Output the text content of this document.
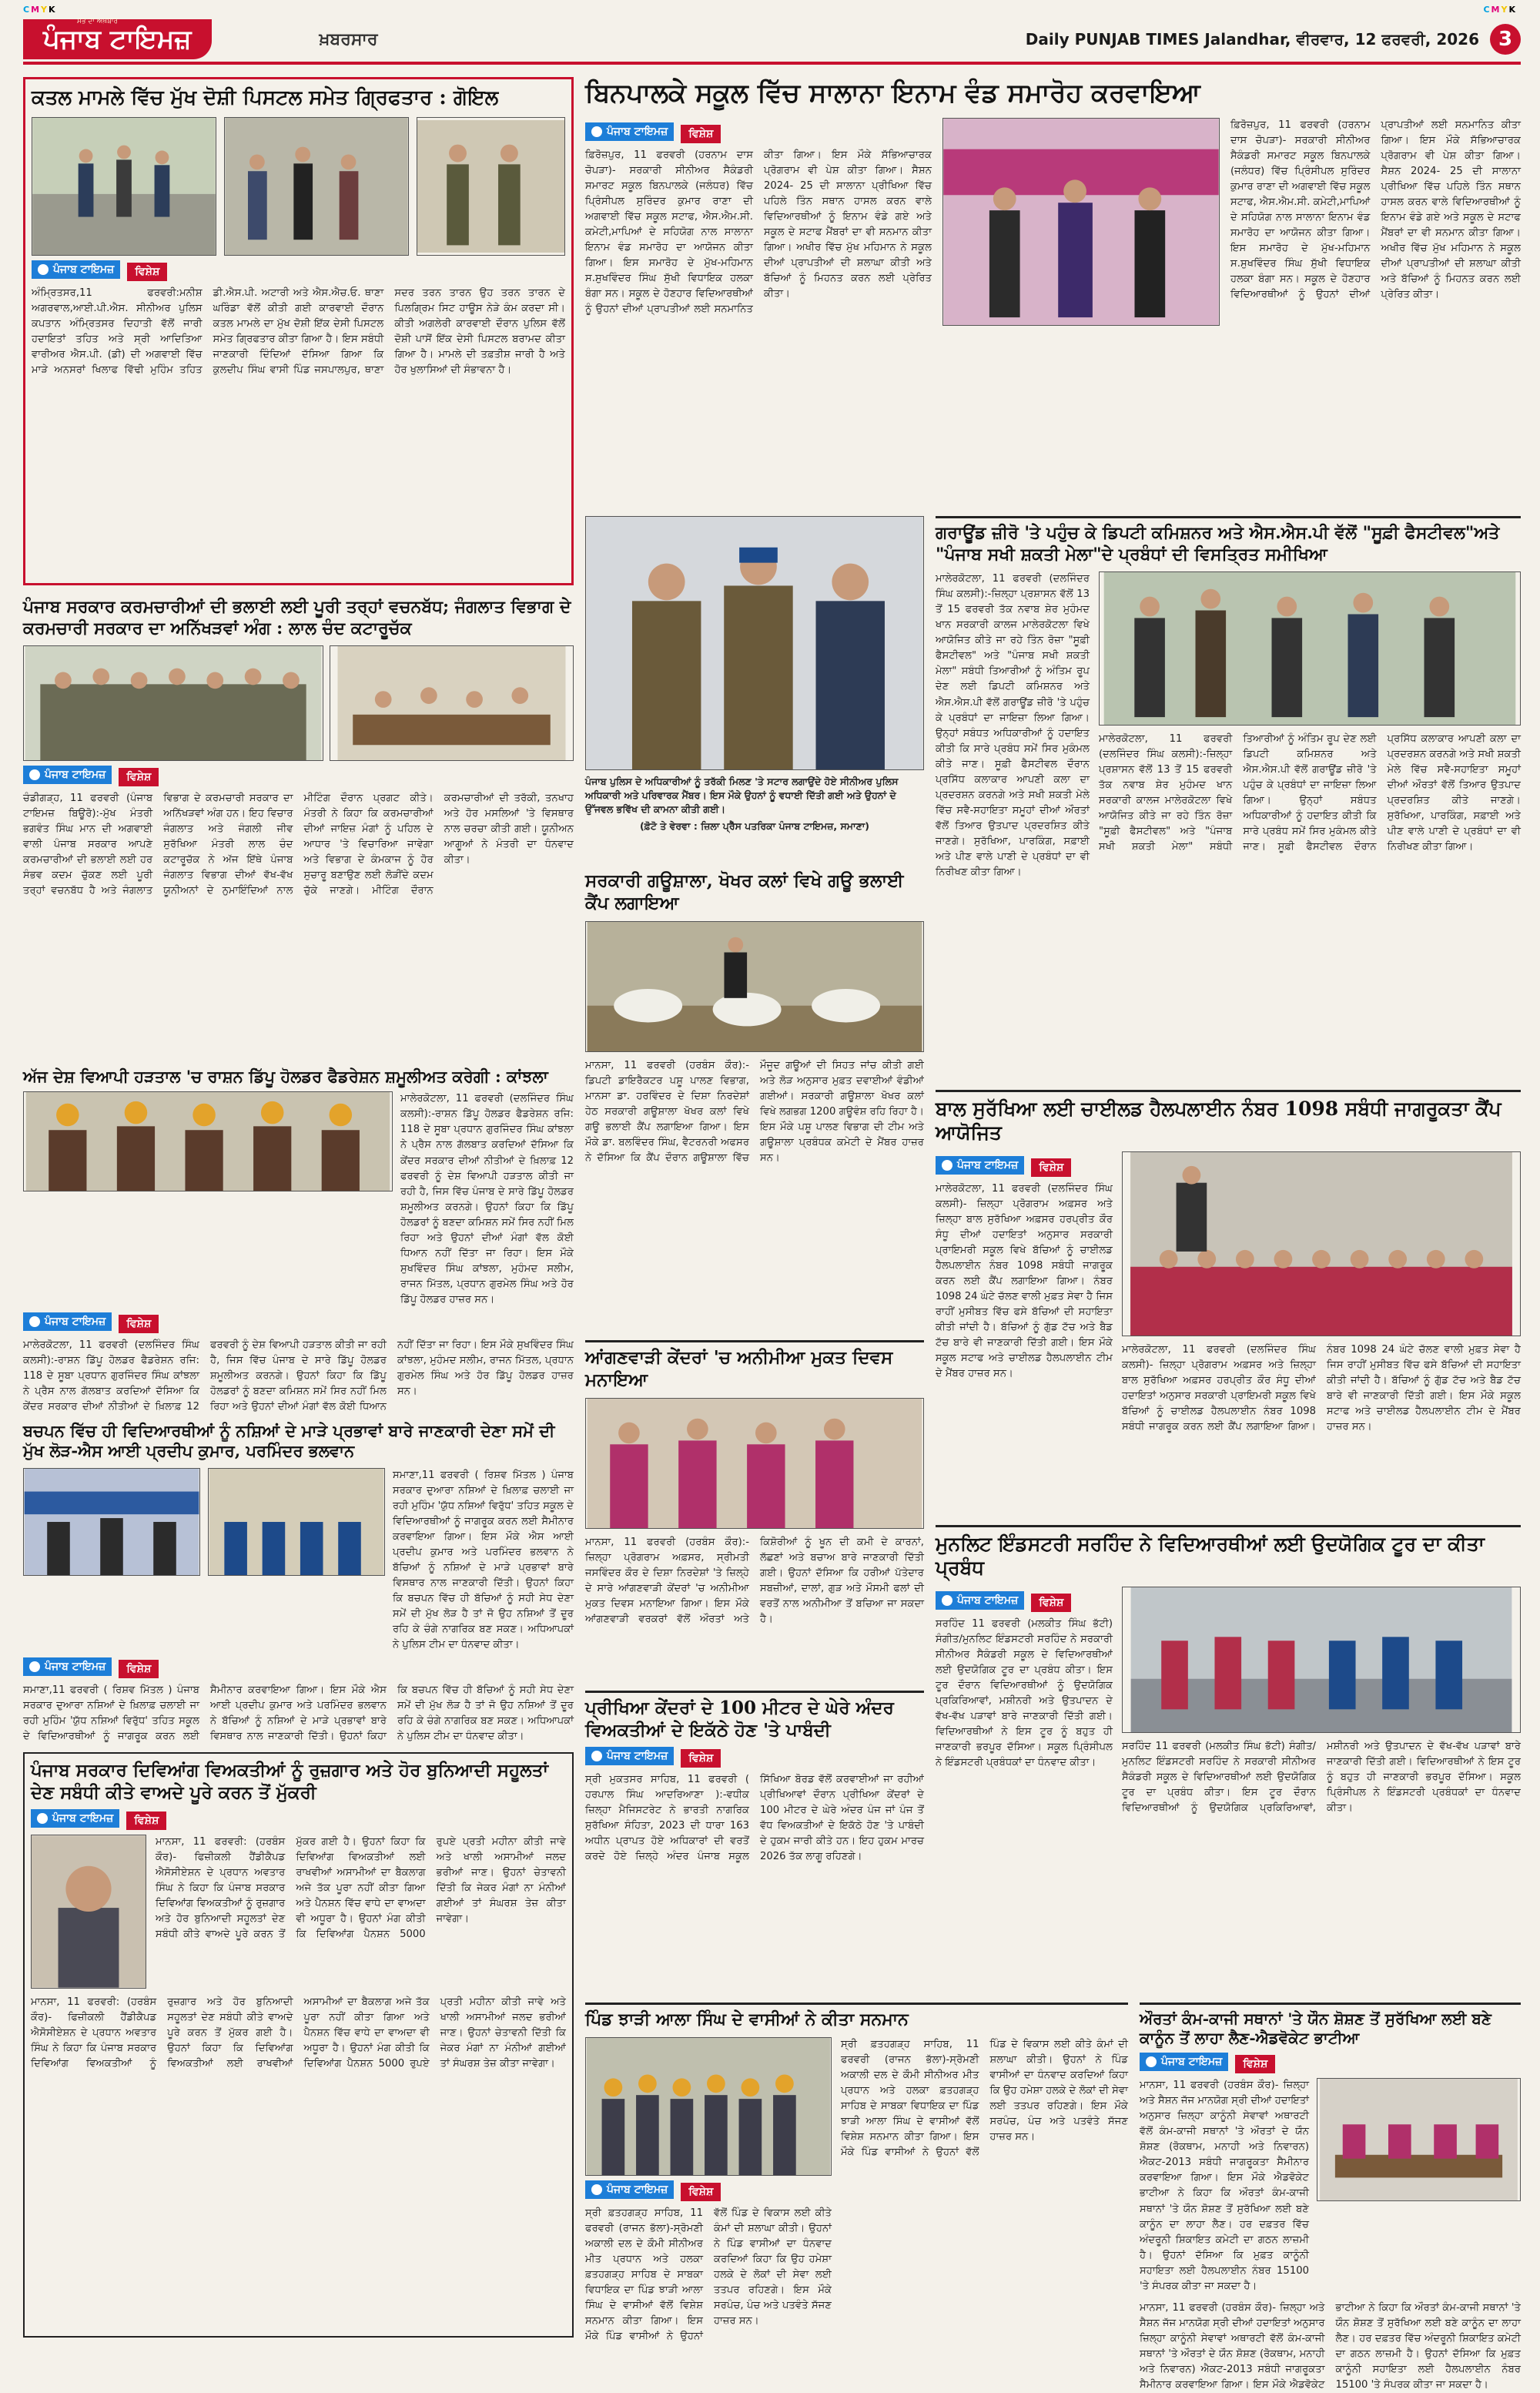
CMYK	CMYK
ਸਭ ਦਾ ਅਖ਼ਬਾਰ
ਪੰਜਾਬ ਟਾਇਮਜ਼	ਖ਼ਬਰਸਾਰ	Daily PUNJAB TIMES Jalandhar,
ਵੀਰਵਾਰ, 12 ਫਰਵਰੀ, 2026 3
ਕਤਲ ਮਾਮਲੇ ਵਿੱਚ ਮੁੱਖ ਦੋਸ਼ੀ ਪਿਸਟਲ ਸਮੇਤ ਗ੍ਰਿਫਤਾਰ : ਗੋਇਲ
ਪੰਜਾਬ ਟਾਇਮਜ਼ ਵਿਸ਼ੇਸ਼
ਅੰਮ੍ਰਿਤਸਰ,11 ਫਰਵਰੀ:ਮਨੀਸ਼ ਅਗਰਵਾਲ,ਆਈ.ਪੀ.ਐਸ. ਸੀਨੀਅਰ ਪੁਲਿਸ ਕਪਤਾਨ ਅੰਮ੍ਰਿਤਸਰ ਦਿਹਾਤੀ ਵੱਲੋਂ ਜਾਰੀ ਹਦਾਇਤਾਂ ਤਹਿਤ ਅਤੇ ਸ੍ਰੀ ਆਦਿਤਿਆ ਵਾਰੀਅਰ ਐਸ.ਪੀ. (ਡੀ) ਦੀ ਅਗਵਾਈ ਵਿੱਚ ਮਾੜੇ ਅਨਸਰਾਂ ਖਿਲਾਫ ਵਿੱਢੀ ਮੁਹਿੰਮ ਤਹਿਤ ਡੀ.ਐਸ.ਪੀ. ਅਟਾਰੀ ਅਤੇ ਐਸ.ਐਚ.ਓ. ਥਾਣਾ ਘਰਿੰਡਾ ਵੱਲੋਂ ਕੀਤੀ ਗਈ ਕਾਰਵਾਈ ਦੌਰਾਨ ਕਤਲ ਮਾਮਲੇ ਦਾ ਮੁੱਖ ਦੋਸ਼ੀ ਇੱਕ ਦੇਸੀ ਪਿਸਟਲ ਸਮੇਤ ਗ੍ਰਿਫਤਾਰ ਕੀਤਾ ਗਿਆ ਹੈ। ਇਸ ਸਬੰਧੀ ਜਾਣਕਾਰੀ ਦਿੰਦਿਆਂ ਦੱਸਿਆ ਗਿਆ ਕਿ ਕੁਲਦੀਪ ਸਿੰਘ ਵਾਸੀ ਪਿੰਡ ਜਸਪਾਲਪੁਰ, ਥਾਣਾ ਸਦਰ ਤਰਨ ਤਾਰਨ ਉਹ ਤਰਨ ਤਾਰਨ ਦੇ ਪਿਲਗ੍ਰਿਮ ਸਿਟ ਹਾਊਸ ਨੇੜੇ ਕੰਮ ਕਰਦਾ ਸੀ। ਕੀਤੀ ਅਗਲੇਰੀ ਕਾਰਵਾਈ ਦੌਰਾਨ ਪੁਲਿਸ ਵੱਲੋਂ ਦੋਸ਼ੀ ਪਾਸੋਂ ਇੱਕ ਦੇਸੀ ਪਿਸਟਲ ਬਰਾਮਦ ਕੀਤਾ ਗਿਆ ਹੈ। ਮਾਮਲੇ ਦੀ ਤਫ਼ਤੀਸ਼ ਜਾਰੀ ਹੈ ਅਤੇ ਹੋਰ ਖੁਲਾਸਿਆਂ ਦੀ ਸੰਭਾਵਨਾ ਹੈ।
ਬਿਨਪਾਲਕੇ ਸਕੂਲ ਵਿੱਚ ਸਾਲਾਨਾ ਇਨਾਮ ਵੰਡ ਸਮਾਰੋਹ ਕਰਵਾਇਆ
ਪੰਜਾਬ ਟਾਇਮਜ਼ ਵਿਸ਼ੇਸ਼
ਫ਼ਿਰੋਜ਼ਪੁਰ, 11 ਫਰਵਰੀ (ਹਰਨਾਮ ਦਾਸ ਚੋਪੜਾ)- ਸਰਕਾਰੀ ਸੀਨੀਅਰ ਸੈਕੰਡਰੀ ਸਮਾਰਟ ਸਕੂਲ ਬਿਨਪਾਲਕੇ (ਜਲੰਧਰ) ਵਿੱਚ ਪ੍ਰਿੰਸੀਪਲ ਸੁਰਿੰਦਰ ਕੁਮਾਰ ਰਾਣਾ ਦੀ ਅਗਵਾਈ ਵਿੱਚ ਸਕੂਲ ਸਟਾਫ, ਐਸ.ਐਮ.ਸੀ. ਕਮੇਟੀ,ਮਾਪਿਆਂ ਦੇ ਸਹਿਯੋਗ ਨਾਲ ਸਾਲਾਨਾ ਇਨਾਮ ਵੰਡ ਸਮਾਰੋਹ ਦਾ ਆਯੋਜਨ ਕੀਤਾ ਗਿਆ। ਇਸ ਸਮਾਰੋਹ ਦੇ ਮੁੱਖ-ਮਹਿਮਾਨ ਸ.ਸੁਖਵਿੰਦਰ ਸਿੰਘ ਸੁੱਖੀ ਵਿਧਾਇਕ ਹਲਕਾ ਬੰਗਾ ਸਨ। ਸਕੂਲ ਦੇ ਹੋਣਹਾਰ ਵਿਦਿਆਰਥੀਆਂ ਨੂੰ ਉਹਨਾਂ ਦੀਆਂ ਪ੍ਰਾਪਤੀਆਂ ਲਈ ਸਨਮਾਨਿਤ ਕੀਤਾ ਗਿਆ। ਇਸ ਮੌਕੇ ਸੱਭਿਆਚਾਰਕ ਪ੍ਰੋਗਰਾਮ ਵੀ ਪੇਸ਼ ਕੀਤਾ ਗਿਆ। ਸੈਸ਼ਨ 2024- 25 ਦੀ ਸਾਲਾਨਾ ਪ੍ਰੀਖਿਆ ਵਿੱਚ ਪਹਿਲੇ ਤਿੰਨ ਸਥਾਨ ਹਾਸਲ ਕਰਨ ਵਾਲੇ ਵਿਦਿਆਰਥੀਆਂ ਨੂੰ ਇਨਾਮ ਵੰਡੇ ਗਏ ਅਤੇ ਸਕੂਲ ਦੇ ਸਟਾਫ ਮੈਂਬਰਾਂ ਦਾ ਵੀ ਸਨਮਾਨ ਕੀਤਾ ਗਿਆ। ਅਖੀਰ ਵਿੱਚ ਮੁੱਖ ਮਹਿਮਾਨ ਨੇ ਸਕੂਲ ਦੀਆਂ ਪ੍ਰਾਪਤੀਆਂ ਦੀ ਸ਼ਲਾਘਾ ਕੀਤੀ ਅਤੇ ਬੱਚਿਆਂ ਨੂੰ ਮਿਹਨਤ ਕਰਨ ਲਈ ਪ੍ਰੇਰਿਤ ਕੀਤਾ।
ਫ਼ਿਰੋਜ਼ਪੁਰ, 11 ਫਰਵਰੀ (ਹਰਨਾਮ ਦਾਸ ਚੋਪੜਾ)- ਸਰਕਾਰੀ ਸੀਨੀਅਰ ਸੈਕੰਡਰੀ ਸਮਾਰਟ ਸਕੂਲ ਬਿਨਪਾਲਕੇ (ਜਲੰਧਰ) ਵਿੱਚ ਪ੍ਰਿੰਸੀਪਲ ਸੁਰਿੰਦਰ ਕੁਮਾਰ ਰਾਣਾ ਦੀ ਅਗਵਾਈ ਵਿੱਚ ਸਕੂਲ ਸਟਾਫ, ਐਸ.ਐਮ.ਸੀ. ਕਮੇਟੀ,ਮਾਪਿਆਂ ਦੇ ਸਹਿਯੋਗ ਨਾਲ ਸਾਲਾਨਾ ਇਨਾਮ ਵੰਡ ਸਮਾਰੋਹ ਦਾ ਆਯੋਜਨ ਕੀਤਾ ਗਿਆ। ਇਸ ਸਮਾਰੋਹ ਦੇ ਮੁੱਖ-ਮਹਿਮਾਨ ਸ.ਸੁਖਵਿੰਦਰ ਸਿੰਘ ਸੁੱਖੀ ਵਿਧਾਇਕ ਹਲਕਾ ਬੰਗਾ ਸਨ। ਸਕੂਲ ਦੇ ਹੋਣਹਾਰ ਵਿਦਿਆਰਥੀਆਂ ਨੂੰ ਉਹਨਾਂ ਦੀਆਂ ਪ੍ਰਾਪਤੀਆਂ ਲਈ ਸਨਮਾਨਿਤ ਕੀਤਾ ਗਿਆ। ਇਸ ਮੌਕੇ ਸੱਭਿਆਚਾਰਕ ਪ੍ਰੋਗਰਾਮ ਵੀ ਪੇਸ਼ ਕੀਤਾ ਗਿਆ। ਸੈਸ਼ਨ 2024- 25 ਦੀ ਸਾਲਾਨਾ ਪ੍ਰੀਖਿਆ ਵਿੱਚ ਪਹਿਲੇ ਤਿੰਨ ਸਥਾਨ ਹਾਸਲ ਕਰਨ ਵਾਲੇ ਵਿਦਿਆਰਥੀਆਂ ਨੂੰ ਇਨਾਮ ਵੰਡੇ ਗਏ ਅਤੇ ਸਕੂਲ ਦੇ ਸਟਾਫ ਮੈਂਬਰਾਂ ਦਾ ਵੀ ਸਨਮਾਨ ਕੀਤਾ ਗਿਆ। ਅਖੀਰ ਵਿੱਚ ਮੁੱਖ ਮਹਿਮਾਨ ਨੇ ਸਕੂਲ ਦੀਆਂ ਪ੍ਰਾਪਤੀਆਂ ਦੀ ਸ਼ਲਾਘਾ ਕੀਤੀ ਅਤੇ ਬੱਚਿਆਂ ਨੂੰ ਮਿਹਨਤ ਕਰਨ ਲਈ ਪ੍ਰੇਰਿਤ ਕੀਤਾ।
ਪੰਜਾਬ ਪੁਲਿਸ ਦੇ ਅਧਿਕਾਰੀਆਂ ਨੂੰ ਤਰੱਕੀ ਮਿਲਣ 'ਤੇ ਸਟਾਰ ਲਗਾਉਂਦੇ ਹੋਏ ਸੀਨੀਅਰ ਪੁਲਿਸ ਅਧਿਕਾਰੀ ਅਤੇ ਪਰਿਵਾਰਕ ਮੈਂਬਰ। ਇਸ ਮੌਕੇ ਉਹਨਾਂ ਨੂੰ ਵਧਾਈ ਦਿੱਤੀ ਗਈ ਅਤੇ ਉਹਨਾਂ ਦੇ ਉੱਜਵਲ ਭਵਿੱਖ ਦੀ ਕਾਮਨਾ ਕੀਤੀ ਗਈ।
(ਫ਼ੋਟੋ ਤੇ ਵੇਰਵਾ : ਜ਼ਿਲਾ ਪ੍ਰੈੱਸ ਪਤਰਿਕਾ ਪੰਜਾਬ ਟਾਇਮਜ਼, ਸਮਾਣਾ)
ਗਰਾਊਂਡ ਜ਼ੀਰੋ 'ਤੇ ਪਹੁੰਚ ਕੇ ਡਿਪਟੀ ਕਮਿਸ਼ਨਰ ਅਤੇ ਐਸ.ਐਸ.ਪੀ ਵੱਲੋਂ "ਸੂਫ਼ੀ ਫੈਸਟੀਵਲ"ਅਤੇ "ਪੰਜਾਬ ਸਖੀ ਸ਼ਕਤੀ ਮੇਲਾ"ਦੇ ਪ੍ਰਬੰਧਾਂ ਦੀ ਵਿਸਤ੍ਰਿਤ ਸਮੀਖਿਆ
ਮਾਲੇਰਕੋਟਲਾ, 11 ਫਰਵਰੀ (ਦਲਜਿੰਦਰ ਸਿੰਘ ਕਲਸੀ):-ਜ਼ਿਲ੍ਹਾ ਪ੍ਰਸ਼ਾਸਨ ਵੱਲੋਂ 13 ਤੋਂ 15 ਫਰਵਰੀ ਤੱਕ ਨਵਾਬ ਸ਼ੇਰ ਮੁਹੰਮਦ ਖਾਨ ਸਰਕਾਰੀ ਕਾਲਜ ਮਾਲੇਰਕੋਟਲਾ ਵਿਖੇ ਆਯੋਜਿਤ ਕੀਤੇ ਜਾ ਰਹੇ ਤਿੰਨ ਰੋਜ਼ਾ "ਸੂਫ਼ੀ ਫੈਸਟੀਵਲ" ਅਤੇ "ਪੰਜਾਬ ਸਖੀ ਸ਼ਕਤੀ ਮੇਲਾ" ਸਬੰਧੀ ਤਿਆਰੀਆਂ ਨੂੰ ਅੰਤਿਮ ਰੂਪ ਦੇਣ ਲਈ ਡਿਪਟੀ ਕਮਿਸ਼ਨਰ ਅਤੇ ਐਸ.ਐਸ.ਪੀ ਵੱਲੋਂ ਗਰਾਊਂਡ ਜ਼ੀਰੋ 'ਤੇ ਪਹੁੰਚ ਕੇ ਪ੍ਰਬੰਧਾਂ ਦਾ ਜਾਇਜ਼ਾ ਲਿਆ ਗਿਆ। ਉਨ੍ਹਾਂ ਸਬੰਧਤ ਅਧਿਕਾਰੀਆਂ ਨੂੰ ਹਦਾਇਤ ਕੀਤੀ ਕਿ ਸਾਰੇ ਪ੍ਰਬੰਧ ਸਮੇਂ ਸਿਰ ਮੁਕੰਮਲ ਕੀਤੇ ਜਾਣ। ਸੂਫ਼ੀ ਫੈਸਟੀਵਲ ਦੌਰਾਨ ਪ੍ਰਸਿੱਧ ਕਲਾਕਾਰ ਆਪਣੀ ਕਲਾ ਦਾ ਪ੍ਰਦਰਸ਼ਨ ਕਰਨਗੇ ਅਤੇ ਸਖੀ ਸ਼ਕਤੀ ਮੇਲੇ ਵਿੱਚ ਸਵੈ-ਸਹਾਇਤਾ ਸਮੂਹਾਂ ਦੀਆਂ ਔਰਤਾਂ ਵੱਲੋਂ ਤਿਆਰ ਉਤਪਾਦ ਪ੍ਰਦਰਸ਼ਿਤ ਕੀਤੇ ਜਾਣਗੇ। ਸੁਰੱਖਿਆ, ਪਾਰਕਿੰਗ, ਸਫ਼ਾਈ ਅਤੇ ਪੀਣ ਵਾਲੇ ਪਾਣੀ ਦੇ ਪ੍ਰਬੰਧਾਂ ਦਾ ਵੀ ਨਿਰੀਖਣ ਕੀਤਾ ਗਿਆ।
ਮਾਲੇਰਕੋਟਲਾ, 11 ਫਰਵਰੀ (ਦਲਜਿੰਦਰ ਸਿੰਘ ਕਲਸੀ):-ਜ਼ਿਲ੍ਹਾ ਪ੍ਰਸ਼ਾਸਨ ਵੱਲੋਂ 13 ਤੋਂ 15 ਫਰਵਰੀ ਤੱਕ ਨਵਾਬ ਸ਼ੇਰ ਮੁਹੰਮਦ ਖਾਨ ਸਰਕਾਰੀ ਕਾਲਜ ਮਾਲੇਰਕੋਟਲਾ ਵਿਖੇ ਆਯੋਜਿਤ ਕੀਤੇ ਜਾ ਰਹੇ ਤਿੰਨ ਰੋਜ਼ਾ "ਸੂਫ਼ੀ ਫੈਸਟੀਵਲ" ਅਤੇ "ਪੰਜਾਬ ਸਖੀ ਸ਼ਕਤੀ ਮੇਲਾ" ਸਬੰਧੀ ਤਿਆਰੀਆਂ ਨੂੰ ਅੰਤਿਮ ਰੂਪ ਦੇਣ ਲਈ ਡਿਪਟੀ ਕਮਿਸ਼ਨਰ ਅਤੇ ਐਸ.ਐਸ.ਪੀ ਵੱਲੋਂ ਗਰਾਊਂਡ ਜ਼ੀਰੋ 'ਤੇ ਪਹੁੰਚ ਕੇ ਪ੍ਰਬੰਧਾਂ ਦਾ ਜਾਇਜ਼ਾ ਲਿਆ ਗਿਆ। ਉਨ੍ਹਾਂ ਸਬੰਧਤ ਅਧਿਕਾਰੀਆਂ ਨੂੰ ਹਦਾਇਤ ਕੀਤੀ ਕਿ ਸਾਰੇ ਪ੍ਰਬੰਧ ਸਮੇਂ ਸਿਰ ਮੁਕੰਮਲ ਕੀਤੇ ਜਾਣ। ਸੂਫ਼ੀ ਫੈਸਟੀਵਲ ਦੌਰਾਨ ਪ੍ਰਸਿੱਧ ਕਲਾਕਾਰ ਆਪਣੀ ਕਲਾ ਦਾ ਪ੍ਰਦਰਸ਼ਨ ਕਰਨਗੇ ਅਤੇ ਸਖੀ ਸ਼ਕਤੀ ਮੇਲੇ ਵਿੱਚ ਸਵੈ-ਸਹਾਇਤਾ ਸਮੂਹਾਂ ਦੀਆਂ ਔਰਤਾਂ ਵੱਲੋਂ ਤਿਆਰ ਉਤਪਾਦ ਪ੍ਰਦਰਸ਼ਿਤ ਕੀਤੇ ਜਾਣਗੇ। ਸੁਰੱਖਿਆ, ਪਾਰਕਿੰਗ, ਸਫ਼ਾਈ ਅਤੇ ਪੀਣ ਵਾਲੇ ਪਾਣੀ ਦੇ ਪ੍ਰਬੰਧਾਂ ਦਾ ਵੀ ਨਿਰੀਖਣ ਕੀਤਾ ਗਿਆ।
ਪੰਜਾਬ ਸਰਕਾਰ ਕਰਮਚਾਰੀਆਂ ਦੀ ਭਲਾਈ ਲਈ ਪੂਰੀ ਤਰ੍ਹਾਂ ਵਚਨਬੱਧ; ਜੰਗਲਾਤ ਵਿਭਾਗ ਦੇ ਕਰਮਚਾਰੀ ਸਰਕਾਰ ਦਾ ਅਨਿੱਖੜਵਾਂ ਅੰਗ : ਲਾਲ ਚੰਦ ਕਟਾਰੂਚੱਕ
ਪੰਜਾਬ ਟਾਇਮਜ਼ ਵਿਸ਼ੇਸ਼
ਚੰਡੀਗੜ੍ਹ, 11 ਫਰਵਰੀ (ਪੰਜਾਬ ਟਾਇਮਜ਼ ਬਿਊਰੋ):-ਮੁੱਖ ਮੰਤਰੀ ਭਗਵੰਤ ਸਿੰਘ ਮਾਨ ਦੀ ਅਗਵਾਈ ਵਾਲੀ ਪੰਜਾਬ ਸਰਕਾਰ ਆਪਣੇ ਕਰਮਚਾਰੀਆਂ ਦੀ ਭਲਾਈ ਲਈ ਹਰ ਸੰਭਵ ਕਦਮ ਚੁੱਕਣ ਲਈ ਪੂਰੀ ਤਰ੍ਹਾਂ ਵਚਨਬੱਧ ਹੈ ਅਤੇ ਜੰਗਲਾਤ ਵਿਭਾਗ ਦੇ ਕਰਮਚਾਰੀ ਸਰਕਾਰ ਦਾ ਅਨਿੱਖੜਵਾਂ ਅੰਗ ਹਨ। ਇਹ ਵਿਚਾਰ ਜੰਗਲਾਤ ਅਤੇ ਜੰਗਲੀ ਜੀਵ ਸੁਰੱਖਿਆ ਮੰਤਰੀ ਲਾਲ ਚੰਦ ਕਟਾਰੂਚੱਕ ਨੇ ਅੱਜ ਇੱਥੇ ਪੰਜਾਬ ਜੰਗਲਾਤ ਵਿਭਾਗ ਦੀਆਂ ਵੱਖ-ਵੱਖ ਯੂਨੀਅਨਾਂ ਦੇ ਨੁਮਾਇੰਦਿਆਂ ਨਾਲ ਮੀਟਿੰਗ ਦੌਰਾਨ ਪ੍ਰਗਟ ਕੀਤੇ। ਮੰਤਰੀ ਨੇ ਕਿਹਾ ਕਿ ਕਰਮਚਾਰੀਆਂ ਦੀਆਂ ਜਾਇਜ਼ ਮੰਗਾਂ ਨੂੰ ਪਹਿਲ ਦੇ ਆਧਾਰ 'ਤੇ ਵਿਚਾਰਿਆ ਜਾਵੇਗਾ ਅਤੇ ਵਿਭਾਗ ਦੇ ਕੰਮਕਾਜ ਨੂੰ ਹੋਰ ਸੁਚਾਰੂ ਬਣਾਉਣ ਲਈ ਲੋੜੀਂਦੇ ਕਦਮ ਚੁੱਕੇ ਜਾਣਗੇ। ਮੀਟਿੰਗ ਦੌਰਾਨ ਕਰਮਚਾਰੀਆਂ ਦੀ ਤਰੱਕੀ, ਤਨਖਾਹ ਅਤੇ ਹੋਰ ਮਸਲਿਆਂ 'ਤੇ ਵਿਸਥਾਰ ਨਾਲ ਚਰਚਾ ਕੀਤੀ ਗਈ। ਯੂਨੀਅਨ ਆਗੂਆਂ ਨੇ ਮੰਤਰੀ ਦਾ ਧੰਨਵਾਦ ਕੀਤਾ।
ਅੱਜ ਦੇਸ਼ ਵਿਆਪੀ ਹੜਤਾਲ 'ਚ ਰਾਸ਼ਨ ਡਿੱਪੂ ਹੋਲਡਰ ਫੈਡਰੇਸ਼ਨ ਸ਼ਮੂਲੀਅਤ ਕਰੇਗੀ : ਕਾਂਝਲਾ
ਮਾਲੇਰਕੋਟਲਾ, 11 ਫਰਵਰੀ (ਦਲਜਿੰਦਰ ਸਿੰਘ ਕਲਸੀ):-ਰਾਸ਼ਨ ਡਿੱਪੂ ਹੋਲਡਰ ਫੈਡਰੇਸ਼ਨ ਰਜਿ: 118 ਦੇ ਸੂਬਾ ਪ੍ਰਧਾਨ ਗੁਰਜਿੰਦਰ ਸਿੰਘ ਕਾਂਝਲਾ ਨੇ ਪ੍ਰੈਸ ਨਾਲ ਗੱਲਬਾਤ ਕਰਦਿਆਂ ਦੱਸਿਆ ਕਿ ਕੇਂਦਰ ਸਰਕਾਰ ਦੀਆਂ ਨੀਤੀਆਂ ਦੇ ਖ਼ਿਲਾਫ਼ 12 ਫਰਵਰੀ ਨੂੰ ਦੇਸ਼ ਵਿਆਪੀ ਹੜਤਾਲ ਕੀਤੀ ਜਾ ਰਹੀ ਹੈ, ਜਿਸ ਵਿੱਚ ਪੰਜਾਬ ਦੇ ਸਾਰੇ ਡਿੱਪੂ ਹੋਲਡਰ ਸ਼ਮੂਲੀਅਤ ਕਰਨਗੇ। ਉਹਨਾਂ ਕਿਹਾ ਕਿ ਡਿੱਪੂ ਹੋਲਡਰਾਂ ਨੂੰ ਬਣਦਾ ਕਮਿਸ਼ਨ ਸਮੇਂ ਸਿਰ ਨਹੀਂ ਮਿਲ ਰਿਹਾ ਅਤੇ ਉਹਨਾਂ ਦੀਆਂ ਮੰਗਾਂ ਵੱਲ ਕੋਈ ਧਿਆਨ ਨਹੀਂ ਦਿੱਤਾ ਜਾ ਰਿਹਾ। ਇਸ ਮੌਕੇ ਸੁਖਵਿੰਦਰ ਸਿੰਘ ਕਾਂਝਲਾ, ਮੁਹੰਮਦ ਸਲੀਮ, ਰਾਜਨ ਮਿੱਤਲ, ਪ੍ਰਧਾਨ ਗੁਰਮੇਲ ਸਿੰਘ ਅਤੇ ਹੋਰ ਡਿੱਪੂ ਹੋਲਡਰ ਹਾਜ਼ਰ ਸਨ।
ਪੰਜਾਬ ਟਾਇਮਜ਼ ਵਿਸ਼ੇਸ਼
ਮਾਲੇਰਕੋਟਲਾ, 11 ਫਰਵਰੀ (ਦਲਜਿੰਦਰ ਸਿੰਘ ਕਲਸੀ):-ਰਾਸ਼ਨ ਡਿੱਪੂ ਹੋਲਡਰ ਫੈਡਰੇਸ਼ਨ ਰਜਿ: 118 ਦੇ ਸੂਬਾ ਪ੍ਰਧਾਨ ਗੁਰਜਿੰਦਰ ਸਿੰਘ ਕਾਂਝਲਾ ਨੇ ਪ੍ਰੈਸ ਨਾਲ ਗੱਲਬਾਤ ਕਰਦਿਆਂ ਦੱਸਿਆ ਕਿ ਕੇਂਦਰ ਸਰਕਾਰ ਦੀਆਂ ਨੀਤੀਆਂ ਦੇ ਖ਼ਿਲਾਫ਼ 12 ਫਰਵਰੀ ਨੂੰ ਦੇਸ਼ ਵਿਆਪੀ ਹੜਤਾਲ ਕੀਤੀ ਜਾ ਰਹੀ ਹੈ, ਜਿਸ ਵਿੱਚ ਪੰਜਾਬ ਦੇ ਸਾਰੇ ਡਿੱਪੂ ਹੋਲਡਰ ਸ਼ਮੂਲੀਅਤ ਕਰਨਗੇ। ਉਹਨਾਂ ਕਿਹਾ ਕਿ ਡਿੱਪੂ ਹੋਲਡਰਾਂ ਨੂੰ ਬਣਦਾ ਕਮਿਸ਼ਨ ਸਮੇਂ ਸਿਰ ਨਹੀਂ ਮਿਲ ਰਿਹਾ ਅਤੇ ਉਹਨਾਂ ਦੀਆਂ ਮੰਗਾਂ ਵੱਲ ਕੋਈ ਧਿਆਨ ਨਹੀਂ ਦਿੱਤਾ ਜਾ ਰਿਹਾ। ਇਸ ਮੌਕੇ ਸੁਖਵਿੰਦਰ ਸਿੰਘ ਕਾਂਝਲਾ, ਮੁਹੰਮਦ ਸਲੀਮ, ਰਾਜਨ ਮਿੱਤਲ, ਪ੍ਰਧਾਨ ਗੁਰਮੇਲ ਸਿੰਘ ਅਤੇ ਹੋਰ ਡਿੱਪੂ ਹੋਲਡਰ ਹਾਜ਼ਰ ਸਨ।
ਸਰਕਾਰੀ ਗਊਸ਼ਾਲਾ, ਖੋਖਰ ਕਲਾਂ ਵਿਖੇ ਗਊ ਭਲਾਈ ਕੈਂਪ ਲਗਾਇਆ
ਮਾਨਸਾ, 11 ਫਰਵਰੀ (ਹਰਬੰਸ ਕੌਰ):- ਡਿਪਟੀ ਡਾਇਰੈਕਟਰ ਪਸ਼ੂ ਪਾਲਣ ਵਿਭਾਗ, ਮਾਨਸਾ ਡਾ. ਹਰਵਿੰਦਰ ਦੇ ਦਿਸ਼ਾ ਨਿਰਦੇਸ਼ਾਂ ਹੇਠ ਸਰਕਾਰੀ ਗਊਸ਼ਾਲਾ ਖੋਖਰ ਕਲਾਂ ਵਿਖੇ ਗਊ ਭਲਾਈ ਕੈਂਪ ਲਗਾਇਆ ਗਿਆ। ਇਸ ਮੌਕੇ ਡਾ. ਬਲਵਿੰਦਰ ਸਿੰਘ, ਵੈਟਰਨਰੀ ਅਫਸਰ ਨੇ ਦੱਸਿਆ ਕਿ ਕੈਂਪ ਦੌਰਾਨ ਗਊਸ਼ਾਲਾ ਵਿੱਚ ਮੌਜੂਦ ਗਊਆਂ ਦੀ ਸਿਹਤ ਜਾਂਚ ਕੀਤੀ ਗਈ ਅਤੇ ਲੋੜ ਅਨੁਸਾਰ ਮੁਫ਼ਤ ਦਵਾਈਆਂ ਵੰਡੀਆਂ ਗਈਆਂ। ਸਰਕਾਰੀ ਗਊਸ਼ਾਲਾ ਖੋਖਰ ਕਲਾਂ ਵਿਖੇ ਲਗਭਗ 1200 ਗਊਵੰਸ਼ ਰਹਿ ਰਿਹਾ ਹੈ। ਇਸ ਮੌਕੇ ਪਸ਼ੂ ਪਾਲਣ ਵਿਭਾਗ ਦੀ ਟੀਮ ਅਤੇ ਗਊਸ਼ਾਲਾ ਪ੍ਰਬੰਧਕ ਕਮੇਟੀ ਦੇ ਮੈਂਬਰ ਹਾਜ਼ਰ ਸਨ।
ਆਂਗਣਵਾੜੀ ਕੇਂਦਰਾਂ 'ਚ ਅਨੀਮੀਆ ਮੁਕਤ ਦਿਵਸ ਮਨਾਇਆ
ਮਾਨਸਾ, 11 ਫਰਵਰੀ (ਹਰਬੰਸ ਕੌਰ):- ਜ਼ਿਲ੍ਹਾ ਪ੍ਰੋਗਰਾਮ ਅਫ਼ਸਰ, ਸ੍ਰੀਮਤੀ ਜਸਵਿੰਦਰ ਕੌਰ ਦੇ ਦਿਸ਼ਾ ਨਿਰਦੇਸ਼ਾਂ 'ਤੇ ਜ਼ਿਲ੍ਹੇ ਦੇ ਸਾਰੇ ਆਂਗਣਵਾੜੀ ਕੇਂਦਰਾਂ 'ਚ ਅਨੀਮੀਆ ਮੁਕਤ ਦਿਵਸ ਮਨਾਇਆ ਗਿਆ। ਇਸ ਮੌਕੇ ਆਂਗਣਵਾੜੀ ਵਰਕਰਾਂ ਵੱਲੋਂ ਔਰਤਾਂ ਅਤੇ ਕਿਸ਼ੋਰੀਆਂ ਨੂੰ ਖੂਨ ਦੀ ਕਮੀ ਦੇ ਕਾਰਨਾਂ, ਲੱਛਣਾਂ ਅਤੇ ਬਚਾਅ ਬਾਰੇ ਜਾਣਕਾਰੀ ਦਿੱਤੀ ਗਈ। ਉਹਨਾਂ ਦੱਸਿਆ ਕਿ ਹਰੀਆਂ ਪੱਤੇਦਾਰ ਸਬਜ਼ੀਆਂ, ਦਾਲਾਂ, ਗੁੜ ਅਤੇ ਮੌਸਮੀ ਫਲਾਂ ਦੀ ਵਰਤੋਂ ਨਾਲ ਅਨੀਮੀਆ ਤੋਂ ਬਚਿਆ ਜਾ ਸਕਦਾ ਹੈ।
ਬਾਲ ਸੁਰੱਖਿਆ ਲਈ ਚਾਈਲਡ ਹੈਲਪਲਾਈਨ ਨੰਬਰ 1098 ਸਬੰਧੀ ਜਾਗਰੂਕਤਾ ਕੈਂਪ ਆਯੋਜਿਤ
ਪੰਜਾਬ ਟਾਇਮਜ਼ ਵਿਸ਼ੇਸ਼
ਮਾਲੇਰਕੋਟਲਾ, 11 ਫਰਵਰੀ (ਦਲਜਿੰਦਰ ਸਿੰਘ ਕਲਸੀ)- ਜ਼ਿਲ੍ਹਾ ਪ੍ਰੋਗਰਾਮ ਅਫ਼ਸਰ ਅਤੇ ਜ਼ਿਲ੍ਹਾ ਬਾਲ ਸੁਰੱਖਿਆ ਅਫ਼ਸਰ ਹਰਪ੍ਰੀਤ ਕੌਰ ਸੰਧੂ ਦੀਆਂ ਹਦਾਇਤਾਂ ਅਨੁਸਾਰ ਸਰਕਾਰੀ ਪ੍ਰਾਇਮਰੀ ਸਕੂਲ ਵਿਖੇ ਬੱਚਿਆਂ ਨੂੰ ਚਾਈਲਡ ਹੈਲਪਲਾਈਨ ਨੰਬਰ 1098 ਸਬੰਧੀ ਜਾਗਰੂਕ ਕਰਨ ਲਈ ਕੈਂਪ ਲਗਾਇਆ ਗਿਆ। ਨੰਬਰ 1098 24 ਘੰਟੇ ਚੱਲਣ ਵਾਲੀ ਮੁਫ਼ਤ ਸੇਵਾ ਹੈ ਜਿਸ ਰਾਹੀਂ ਮੁਸੀਬਤ ਵਿੱਚ ਫਸੇ ਬੱਚਿਆਂ ਦੀ ਸਹਾਇਤਾ ਕੀਤੀ ਜਾਂਦੀ ਹੈ। ਬੱਚਿਆਂ ਨੂੰ ਗੁੱਡ ਟੱਚ ਅਤੇ ਬੈਡ ਟੱਚ ਬਾਰੇ ਵੀ ਜਾਣਕਾਰੀ ਦਿੱਤੀ ਗਈ। ਇਸ ਮੌਕੇ ਸਕੂਲ ਸਟਾਫ ਅਤੇ ਚਾਈਲਡ ਹੈਲਪਲਾਈਨ ਟੀਮ ਦੇ ਮੈਂਬਰ ਹਾਜ਼ਰ ਸਨ।
ਮਾਲੇਰਕੋਟਲਾ, 11 ਫਰਵਰੀ (ਦਲਜਿੰਦਰ ਸਿੰਘ ਕਲਸੀ)- ਜ਼ਿਲ੍ਹਾ ਪ੍ਰੋਗਰਾਮ ਅਫ਼ਸਰ ਅਤੇ ਜ਼ਿਲ੍ਹਾ ਬਾਲ ਸੁਰੱਖਿਆ ਅਫ਼ਸਰ ਹਰਪ੍ਰੀਤ ਕੌਰ ਸੰਧੂ ਦੀਆਂ ਹਦਾਇਤਾਂ ਅਨੁਸਾਰ ਸਰਕਾਰੀ ਪ੍ਰਾਇਮਰੀ ਸਕੂਲ ਵਿਖੇ ਬੱਚਿਆਂ ਨੂੰ ਚਾਈਲਡ ਹੈਲਪਲਾਈਨ ਨੰਬਰ 1098 ਸਬੰਧੀ ਜਾਗਰੂਕ ਕਰਨ ਲਈ ਕੈਂਪ ਲਗਾਇਆ ਗਿਆ। ਨੰਬਰ 1098 24 ਘੰਟੇ ਚੱਲਣ ਵਾਲੀ ਮੁਫ਼ਤ ਸੇਵਾ ਹੈ ਜਿਸ ਰਾਹੀਂ ਮੁਸੀਬਤ ਵਿੱਚ ਫਸੇ ਬੱਚਿਆਂ ਦੀ ਸਹਾਇਤਾ ਕੀਤੀ ਜਾਂਦੀ ਹੈ। ਬੱਚਿਆਂ ਨੂੰ ਗੁੱਡ ਟੱਚ ਅਤੇ ਬੈਡ ਟੱਚ ਬਾਰੇ ਵੀ ਜਾਣਕਾਰੀ ਦਿੱਤੀ ਗਈ। ਇਸ ਮੌਕੇ ਸਕੂਲ ਸਟਾਫ ਅਤੇ ਚਾਈਲਡ ਹੈਲਪਲਾਈਨ ਟੀਮ ਦੇ ਮੈਂਬਰ ਹਾਜ਼ਰ ਸਨ।
ਬਚਪਨ ਵਿੱਚ ਹੀ ਵਿਦਿਆਰਥੀਆਂ ਨੂੰ ਨਸ਼ਿਆਂ ਦੇ ਮਾੜੇ ਪ੍ਰਭਾਵਾਂ ਬਾਰੇ ਜਾਣਕਾਰੀ ਦੇਣਾ ਸਮੇਂ ਦੀ ਮੁੱਖ ਲੋੜ-ਐਸ ਆਈ ਪ੍ਰਦੀਪ ਕੁਮਾਰ, ਪਰਮਿੰਦਰ ਭਲਵਾਨ
ਸਮਾਣਾ,11 ਫਰਵਰੀ ( ਰਿਸ਼ਵ ਮਿੱਤਲ ) ਪੰਜਾਬ ਸਰਕਾਰ ਦੁਆਰਾ ਨਸ਼ਿਆਂ ਦੇ ਖ਼ਿਲਾਫ਼ ਚਲਾਈ ਜਾ ਰਹੀ ਮੁਹਿੰਮ 'ਯੁੱਧ ਨਸ਼ਿਆਂ ਵਿਰੁੱਧ' ਤਹਿਤ ਸਕੂਲ ਦੇ ਵਿਦਿਆਰਥੀਆਂ ਨੂੰ ਜਾਗਰੂਕ ਕਰਨ ਲਈ ਸੈਮੀਨਾਰ ਕਰਵਾਇਆ ਗਿਆ। ਇਸ ਮੌਕੇ ਐਸ ਆਈ ਪ੍ਰਦੀਪ ਕੁਮਾਰ ਅਤੇ ਪਰਮਿੰਦਰ ਭਲਵਾਨ ਨੇ ਬੱਚਿਆਂ ਨੂੰ ਨਸ਼ਿਆਂ ਦੇ ਮਾੜੇ ਪ੍ਰਭਾਵਾਂ ਬਾਰੇ ਵਿਸਥਾਰ ਨਾਲ ਜਾਣਕਾਰੀ ਦਿੱਤੀ। ਉਹਨਾਂ ਕਿਹਾ ਕਿ ਬਚਪਨ ਵਿੱਚ ਹੀ ਬੱਚਿਆਂ ਨੂੰ ਸਹੀ ਸੇਧ ਦੇਣਾ ਸਮੇਂ ਦੀ ਮੁੱਖ ਲੋੜ ਹੈ ਤਾਂ ਜੋ ਉਹ ਨਸ਼ਿਆਂ ਤੋਂ ਦੂਰ ਰਹਿ ਕੇ ਚੰਗੇ ਨਾਗਰਿਕ ਬਣ ਸਕਣ। ਅਧਿਆਪਕਾਂ ਨੇ ਪੁਲਿਸ ਟੀਮ ਦਾ ਧੰਨਵਾਦ ਕੀਤਾ।
ਪੰਜਾਬ ਟਾਇਮਜ਼ ਵਿਸ਼ੇਸ਼
ਸਮਾਣਾ,11 ਫਰਵਰੀ ( ਰਿਸ਼ਵ ਮਿੱਤਲ ) ਪੰਜਾਬ ਸਰਕਾਰ ਦੁਆਰਾ ਨਸ਼ਿਆਂ ਦੇ ਖ਼ਿਲਾਫ਼ ਚਲਾਈ ਜਾ ਰਹੀ ਮੁਹਿੰਮ 'ਯੁੱਧ ਨਸ਼ਿਆਂ ਵਿਰੁੱਧ' ਤਹਿਤ ਸਕੂਲ ਦੇ ਵਿਦਿਆਰਥੀਆਂ ਨੂੰ ਜਾਗਰੂਕ ਕਰਨ ਲਈ ਸੈਮੀਨਾਰ ਕਰਵਾਇਆ ਗਿਆ। ਇਸ ਮੌਕੇ ਐਸ ਆਈ ਪ੍ਰਦੀਪ ਕੁਮਾਰ ਅਤੇ ਪਰਮਿੰਦਰ ਭਲਵਾਨ ਨੇ ਬੱਚਿਆਂ ਨੂੰ ਨਸ਼ਿਆਂ ਦੇ ਮਾੜੇ ਪ੍ਰਭਾਵਾਂ ਬਾਰੇ ਵਿਸਥਾਰ ਨਾਲ ਜਾਣਕਾਰੀ ਦਿੱਤੀ। ਉਹਨਾਂ ਕਿਹਾ ਕਿ ਬਚਪਨ ਵਿੱਚ ਹੀ ਬੱਚਿਆਂ ਨੂੰ ਸਹੀ ਸੇਧ ਦੇਣਾ ਸਮੇਂ ਦੀ ਮੁੱਖ ਲੋੜ ਹੈ ਤਾਂ ਜੋ ਉਹ ਨਸ਼ਿਆਂ ਤੋਂ ਦੂਰ ਰਹਿ ਕੇ ਚੰਗੇ ਨਾਗਰਿਕ ਬਣ ਸਕਣ। ਅਧਿਆਪਕਾਂ ਨੇ ਪੁਲਿਸ ਟੀਮ ਦਾ ਧੰਨਵਾਦ ਕੀਤਾ।
ਪ੍ਰੀਖਿਆ ਕੇਂਦਰਾਂ ਦੇ 100 ਮੀਟਰ ਦੇ ਘੇਰੇ ਅੰਦਰ ਵਿਅਕਤੀਆਂ ਦੇ ਇਕੱਠੇ ਹੋਣ 'ਤੇ ਪਾਬੰਦੀ
ਪੰਜਾਬ ਟਾਇਮਜ਼ ਵਿਸ਼ੇਸ਼
ਸ੍ਰੀ ਮੁਕਤਸਰ ਸਾਹਿਬ, 11 ਫਰਵਰੀ ( ਹਰਪਾਲ ਸਿੰਘ ਆਦਰਿਆਣਾ ):-ਵਧੀਕ ਜ਼ਿਲ੍ਹਾ ਮੈਜਿਸਟਰੇਟ ਨੇ ਭਾਰਤੀ ਨਾਗਰਿਕ ਸੁਰੱਖਿਆ ਸੰਹਿਤਾ, 2023 ਦੀ ਧਾਰਾ 163 ਅਧੀਨ ਪ੍ਰਾਪਤ ਹੋਏ ਅਧਿਕਾਰਾਂ ਦੀ ਵਰਤੋਂ ਕਰਦੇ ਹੋਏ ਜ਼ਿਲ੍ਹੇ ਅੰਦਰ ਪੰਜਾਬ ਸਕੂਲ ਸਿੱਖਿਆ ਬੋਰਡ ਵੱਲੋਂ ਕਰਵਾਈਆਂ ਜਾ ਰਹੀਆਂ ਪ੍ਰੀਖਿਆਵਾਂ ਦੌਰਾਨ ਪ੍ਰੀਖਿਆ ਕੇਂਦਰਾਂ ਦੇ 100 ਮੀਟਰ ਦੇ ਘੇਰੇ ਅੰਦਰ ਪੰਜ ਜਾਂ ਪੰਜ ਤੋਂ ਵੱਧ ਵਿਅਕਤੀਆਂ ਦੇ ਇਕੱਠੇ ਹੋਣ 'ਤੇ ਪਾਬੰਦੀ ਦੇ ਹੁਕਮ ਜਾਰੀ ਕੀਤੇ ਹਨ। ਇਹ ਹੁਕਮ ਮਾਰਚ 2026 ਤੱਕ ਲਾਗੂ ਰਹਿਣਗੇ।
ਮੁਨਲਿਟ ਇੰਡਸਟਰੀ ਸਰਹਿੰਦ ਨੇ ਵਿਦਿਆਰਥੀਆਂ ਲਈ ਉਦਯੋਗਿਕ ਟੂਰ ਦਾ ਕੀਤਾ ਪ੍ਰਬੰਧ
ਪੰਜਾਬ ਟਾਇਮਜ਼ ਵਿਸ਼ੇਸ਼
ਸਰਹਿੰਦ 11 ਫਰਵਰੀ (ਮਲਕੀਤ ਸਿੰਘ ਭੱਟੀ) ਸੰਗੀਤ/ਮੁਨਲਿਟ ਇੰਡਸਟਰੀ ਸਰਹਿੰਦ ਨੇ ਸਰਕਾਰੀ ਸੀਨੀਅਰ ਸੈਕੰਡਰੀ ਸਕੂਲ ਦੇ ਵਿਦਿਆਰਥੀਆਂ ਲਈ ਉਦਯੋਗਿਕ ਟੂਰ ਦਾ ਪ੍ਰਬੰਧ ਕੀਤਾ। ਇਸ ਟੂਰ ਦੌਰਾਨ ਵਿਦਿਆਰਥੀਆਂ ਨੂੰ ਉਦਯੋਗਿਕ ਪ੍ਰਕਿਰਿਆਵਾਂ, ਮਸ਼ੀਨਰੀ ਅਤੇ ਉਤਪਾਦਨ ਦੇ ਵੱਖ-ਵੱਖ ਪੜਾਵਾਂ ਬਾਰੇ ਜਾਣਕਾਰੀ ਦਿੱਤੀ ਗਈ। ਵਿਦਿਆਰਥੀਆਂ ਨੇ ਇਸ ਟੂਰ ਨੂੰ ਬਹੁਤ ਹੀ ਜਾਣਕਾਰੀ ਭਰਪੂਰ ਦੱਸਿਆ। ਸਕੂਲ ਪ੍ਰਿੰਸੀਪਲ ਨੇ ਇੰਡਸਟਰੀ ਪ੍ਰਬੰਧਕਾਂ ਦਾ ਧੰਨਵਾਦ ਕੀਤਾ।
ਸਰਹਿੰਦ 11 ਫਰਵਰੀ (ਮਲਕੀਤ ਸਿੰਘ ਭੱਟੀ) ਸੰਗੀਤ/ਮੁਨਲਿਟ ਇੰਡਸਟਰੀ ਸਰਹਿੰਦ ਨੇ ਸਰਕਾਰੀ ਸੀਨੀਅਰ ਸੈਕੰਡਰੀ ਸਕੂਲ ਦੇ ਵਿਦਿਆਰਥੀਆਂ ਲਈ ਉਦਯੋਗਿਕ ਟੂਰ ਦਾ ਪ੍ਰਬੰਧ ਕੀਤਾ। ਇਸ ਟੂਰ ਦੌਰਾਨ ਵਿਦਿਆਰਥੀਆਂ ਨੂੰ ਉਦਯੋਗਿਕ ਪ੍ਰਕਿਰਿਆਵਾਂ, ਮਸ਼ੀਨਰੀ ਅਤੇ ਉਤਪਾਦਨ ਦੇ ਵੱਖ-ਵੱਖ ਪੜਾਵਾਂ ਬਾਰੇ ਜਾਣਕਾਰੀ ਦਿੱਤੀ ਗਈ। ਵਿਦਿਆਰਥੀਆਂ ਨੇ ਇਸ ਟੂਰ ਨੂੰ ਬਹੁਤ ਹੀ ਜਾਣਕਾਰੀ ਭਰਪੂਰ ਦੱਸਿਆ। ਸਕੂਲ ਪ੍ਰਿੰਸੀਪਲ ਨੇ ਇੰਡਸਟਰੀ ਪ੍ਰਬੰਧਕਾਂ ਦਾ ਧੰਨਵਾਦ ਕੀਤਾ।
ਪੰਜਾਬ ਸਰਕਾਰ ਦਿਵਿਆਂਗ ਵਿਅਕਤੀਆਂ ਨੂੰ ਰੁਜ਼ਗਾਰ ਅਤੇ ਹੋਰ ਬੁਨਿਆਦੀ ਸਹੂਲਤਾਂ ਦੇਣ ਸਬੰਧੀ ਕੀਤੇ ਵਾਅਦੇ ਪੂਰੇ ਕਰਨ ਤੋਂ ਮੁੱਕਰੀ
ਪੰਜਾਬ ਟਾਇਮਜ਼ ਵਿਸ਼ੇਸ਼
ਮਾਨਸਾ, 11 ਫਰਵਰੀ: (ਹਰਬੰਸ ਕੌਰ)- ਫਿਜ਼ੀਕਲੀ ਹੈਂਡੀਕੈਪਡ ਐਸੋਸੀਏਸ਼ਨ ਦੇ ਪ੍ਰਧਾਨ ਅਵਤਾਰ ਸਿੰਘ ਨੇ ਕਿਹਾ ਕਿ ਪੰਜਾਬ ਸਰਕਾਰ ਦਿਵਿਆਂਗ ਵਿਅਕਤੀਆਂ ਨੂੰ ਰੁਜ਼ਗਾਰ ਅਤੇ ਹੋਰ ਬੁਨਿਆਦੀ ਸਹੂਲਤਾਂ ਦੇਣ ਸਬੰਧੀ ਕੀਤੇ ਵਾਅਦੇ ਪੂਰੇ ਕਰਨ ਤੋਂ ਮੁੱਕਰ ਗਈ ਹੈ। ਉਹਨਾਂ ਕਿਹਾ ਕਿ ਦਿਵਿਆਂਗ ਵਿਅਕਤੀਆਂ ਲਈ ਰਾਖਵੀਆਂ ਅਸਾਮੀਆਂ ਦਾ ਬੈਕਲਾਗ ਅਜੇ ਤੱਕ ਪੂਰਾ ਨਹੀਂ ਕੀਤਾ ਗਿਆ ਅਤੇ ਪੈਨਸ਼ਨ ਵਿੱਚ ਵਾਧੇ ਦਾ ਵਾਅਦਾ ਵੀ ਅਧੂਰਾ ਹੈ। ਉਹਨਾਂ ਮੰਗ ਕੀਤੀ ਕਿ ਦਿਵਿਆਂਗ ਪੈਨਸ਼ਨ 5000 ਰੁਪਏ ਪ੍ਰਤੀ ਮਹੀਨਾ ਕੀਤੀ ਜਾਵੇ ਅਤੇ ਖਾਲੀ ਅਸਾਮੀਆਂ ਜਲਦ ਭਰੀਆਂ ਜਾਣ। ਉਹਨਾਂ ਚੇਤਾਵਨੀ ਦਿੱਤੀ ਕਿ ਜੇਕਰ ਮੰਗਾਂ ਨਾ ਮੰਨੀਆਂ ਗਈਆਂ ਤਾਂ ਸੰਘਰਸ਼ ਤੇਜ਼ ਕੀਤਾ ਜਾਵੇਗਾ।
ਮਾਨਸਾ, 11 ਫਰਵਰੀ: (ਹਰਬੰਸ ਕੌਰ)- ਫਿਜ਼ੀਕਲੀ ਹੈਂਡੀਕੈਪਡ ਐਸੋਸੀਏਸ਼ਨ ਦੇ ਪ੍ਰਧਾਨ ਅਵਤਾਰ ਸਿੰਘ ਨੇ ਕਿਹਾ ਕਿ ਪੰਜਾਬ ਸਰਕਾਰ ਦਿਵਿਆਂਗ ਵਿਅਕਤੀਆਂ ਨੂੰ ਰੁਜ਼ਗਾਰ ਅਤੇ ਹੋਰ ਬੁਨਿਆਦੀ ਸਹੂਲਤਾਂ ਦੇਣ ਸਬੰਧੀ ਕੀਤੇ ਵਾਅਦੇ ਪੂਰੇ ਕਰਨ ਤੋਂ ਮੁੱਕਰ ਗਈ ਹੈ। ਉਹਨਾਂ ਕਿਹਾ ਕਿ ਦਿਵਿਆਂਗ ਵਿਅਕਤੀਆਂ ਲਈ ਰਾਖਵੀਆਂ ਅਸਾਮੀਆਂ ਦਾ ਬੈਕਲਾਗ ਅਜੇ ਤੱਕ ਪੂਰਾ ਨਹੀਂ ਕੀਤਾ ਗਿਆ ਅਤੇ ਪੈਨਸ਼ਨ ਵਿੱਚ ਵਾਧੇ ਦਾ ਵਾਅਦਾ ਵੀ ਅਧੂਰਾ ਹੈ। ਉਹਨਾਂ ਮੰਗ ਕੀਤੀ ਕਿ ਦਿਵਿਆਂਗ ਪੈਨਸ਼ਨ 5000 ਰੁਪਏ ਪ੍ਰਤੀ ਮਹੀਨਾ ਕੀਤੀ ਜਾਵੇ ਅਤੇ ਖਾਲੀ ਅਸਾਮੀਆਂ ਜਲਦ ਭਰੀਆਂ ਜਾਣ। ਉਹਨਾਂ ਚੇਤਾਵਨੀ ਦਿੱਤੀ ਕਿ ਜੇਕਰ ਮੰਗਾਂ ਨਾ ਮੰਨੀਆਂ ਗਈਆਂ ਤਾਂ ਸੰਘਰਸ਼ ਤੇਜ਼ ਕੀਤਾ ਜਾਵੇਗਾ।
ਪਿੰਡ ਝਾੜੀ ਆਲਾ ਸਿੰਘ ਦੇ ਵਾਸੀਆਂ ਨੇ ਕੀਤਾ ਸਨਮਾਨ
ਪੰਜਾਬ ਟਾਇਮਜ਼ ਵਿਸ਼ੇਸ਼
ਸ੍ਰੀ ਫ਼ਤਹਗੜ੍ਹ ਸਾਹਿਬ, 11 ਫਰਵਰੀ (ਰਾਜਨ ਭੱਲਾ)-ਸ੍ਰੋਮਣੀ ਅਕਾਲੀ ਦਲ ਦੇ ਕੌਮੀ ਸੀਨੀਅਰ ਮੀਤ ਪ੍ਰਧਾਨ ਅਤੇ ਹਲਕਾ ਫ਼ਤਹਗੜ੍ਹ ਸਾਹਿਬ ਦੇ ਸਾਬਕਾ ਵਿਧਾਇਕ ਦਾ ਪਿੰਡ ਝਾੜੀ ਆਲਾ ਸਿੰਘ ਦੇ ਵਾਸੀਆਂ ਵੱਲੋਂ ਵਿਸ਼ੇਸ਼ ਸਨਮਾਨ ਕੀਤਾ ਗਿਆ। ਇਸ ਮੌਕੇ ਪਿੰਡ ਵਾਸੀਆਂ ਨੇ ਉਹਨਾਂ ਵੱਲੋਂ ਪਿੰਡ ਦੇ ਵਿਕਾਸ ਲਈ ਕੀਤੇ ਕੰਮਾਂ ਦੀ ਸ਼ਲਾਘਾ ਕੀਤੀ। ਉਹਨਾਂ ਨੇ ਪਿੰਡ ਵਾਸੀਆਂ ਦਾ ਧੰਨਵਾਦ ਕਰਦਿਆਂ ਕਿਹਾ ਕਿ ਉਹ ਹਮੇਸ਼ਾ ਹਲਕੇ ਦੇ ਲੋਕਾਂ ਦੀ ਸੇਵਾ ਲਈ ਤਤਪਰ ਰਹਿਣਗੇ। ਇਸ ਮੌਕੇ ਸਰਪੰਚ, ਪੰਚ ਅਤੇ ਪਤਵੰਤੇ ਸੱਜਣ ਹਾਜ਼ਰ ਸਨ।
ਸ੍ਰੀ ਫ਼ਤਹਗੜ੍ਹ ਸਾਹਿਬ, 11 ਫਰਵਰੀ (ਰਾਜਨ ਭੱਲਾ)-ਸ੍ਰੋਮਣੀ ਅਕਾਲੀ ਦਲ ਦੇ ਕੌਮੀ ਸੀਨੀਅਰ ਮੀਤ ਪ੍ਰਧਾਨ ਅਤੇ ਹਲਕਾ ਫ਼ਤਹਗੜ੍ਹ ਸਾਹਿਬ ਦੇ ਸਾਬਕਾ ਵਿਧਾਇਕ ਦਾ ਪਿੰਡ ਝਾੜੀ ਆਲਾ ਸਿੰਘ ਦੇ ਵਾਸੀਆਂ ਵੱਲੋਂ ਵਿਸ਼ੇਸ਼ ਸਨਮਾਨ ਕੀਤਾ ਗਿਆ। ਇਸ ਮੌਕੇ ਪਿੰਡ ਵਾਸੀਆਂ ਨੇ ਉਹਨਾਂ ਵੱਲੋਂ ਪਿੰਡ ਦੇ ਵਿਕਾਸ ਲਈ ਕੀਤੇ ਕੰਮਾਂ ਦੀ ਸ਼ਲਾਘਾ ਕੀਤੀ। ਉਹਨਾਂ ਨੇ ਪਿੰਡ ਵਾਸੀਆਂ ਦਾ ਧੰਨਵਾਦ ਕਰਦਿਆਂ ਕਿਹਾ ਕਿ ਉਹ ਹਮੇਸ਼ਾ ਹਲਕੇ ਦੇ ਲੋਕਾਂ ਦੀ ਸੇਵਾ ਲਈ ਤਤਪਰ ਰਹਿਣਗੇ। ਇਸ ਮੌਕੇ ਸਰਪੰਚ, ਪੰਚ ਅਤੇ ਪਤਵੰਤੇ ਸੱਜਣ ਹਾਜ਼ਰ ਸਨ।
ਔਰਤਾਂ ਕੰਮ-ਕਾਜੀ ਸਥਾਨਾਂ 'ਤੇ ਯੌਨ ਸ਼ੋਸ਼ਣ ਤੋਂ ਸੁਰੱਖਿਆ ਲਈ ਬਣੇ ਕਾਨੂੰਨ ਤੋਂ ਲਾਹਾ ਲੈਣ-ਐਡਵੋਕੇਟ ਭਾਟੀਆ
ਪੰਜਾਬ ਟਾਇਮਜ਼ ਵਿਸ਼ੇਸ਼
ਮਾਨਸਾ, 11 ਫਰਵਰੀ (ਹਰਬੰਸ ਕੌਰ)- ਜ਼ਿਲ੍ਹਾ ਅਤੇ ਸੈਸ਼ਨ ਜੱਜ ਮਾਨਯੋਗ ਸ੍ਰੀ ਦੀਆਂ ਹਦਾਇਤਾਂ ਅਨੁਸਾਰ ਜ਼ਿਲ੍ਹਾ ਕਾਨੂੰਨੀ ਸੇਵਾਵਾਂ ਅਥਾਰਟੀ ਵੱਲੋਂ ਕੰਮ-ਕਾਜੀ ਸਥਾਨਾਂ 'ਤੇ ਔਰਤਾਂ ਦੇ ਯੌਨ ਸ਼ੋਸ਼ਣ (ਰੋਕਥਾਮ, ਮਨਾਹੀ ਅਤੇ ਨਿਵਾਰਨ) ਐਕਟ-2013 ਸਬੰਧੀ ਜਾਗਰੂਕਤਾ ਸੈਮੀਨਾਰ ਕਰਵਾਇਆ ਗਿਆ। ਇਸ ਮੌਕੇ ਐਡਵੋਕੇਟ ਭਾਟੀਆ ਨੇ ਕਿਹਾ ਕਿ ਔਰਤਾਂ ਕੰਮ-ਕਾਜੀ ਸਥਾਨਾਂ 'ਤੇ ਯੌਨ ਸ਼ੋਸ਼ਣ ਤੋਂ ਸੁਰੱਖਿਆ ਲਈ ਬਣੇ ਕਾਨੂੰਨ ਦਾ ਲਾਹਾ ਲੈਣ। ਹਰ ਦਫ਼ਤਰ ਵਿੱਚ ਅੰਦਰੂਨੀ ਸ਼ਿਕਾਇਤ ਕਮੇਟੀ ਦਾ ਗਠਨ ਲਾਜ਼ਮੀ ਹੈ। ਉਹਨਾਂ ਦੱਸਿਆ ਕਿ ਮੁਫ਼ਤ ਕਾਨੂੰਨੀ ਸਹਾਇਤਾ ਲਈ ਹੈਲਪਲਾਈਨ ਨੰਬਰ 15100 'ਤੇ ਸੰਪਰਕ ਕੀਤਾ ਜਾ ਸਕਦਾ ਹੈ।
ਮਾਨਸਾ, 11 ਫਰਵਰੀ (ਹਰਬੰਸ ਕੌਰ)- ਜ਼ਿਲ੍ਹਾ ਅਤੇ ਸੈਸ਼ਨ ਜੱਜ ਮਾਨਯੋਗ ਸ੍ਰੀ ਦੀਆਂ ਹਦਾਇਤਾਂ ਅਨੁਸਾਰ ਜ਼ਿਲ੍ਹਾ ਕਾਨੂੰਨੀ ਸੇਵਾਵਾਂ ਅਥਾਰਟੀ ਵੱਲੋਂ ਕੰਮ-ਕਾਜੀ ਸਥਾਨਾਂ 'ਤੇ ਔਰਤਾਂ ਦੇ ਯੌਨ ਸ਼ੋਸ਼ਣ (ਰੋਕਥਾਮ, ਮਨਾਹੀ ਅਤੇ ਨਿਵਾਰਨ) ਐਕਟ-2013 ਸਬੰਧੀ ਜਾਗਰੂਕਤਾ ਸੈਮੀਨਾਰ ਕਰਵਾਇਆ ਗਿਆ। ਇਸ ਮੌਕੇ ਐਡਵੋਕੇਟ ਭਾਟੀਆ ਨੇ ਕਿਹਾ ਕਿ ਔਰਤਾਂ ਕੰਮ-ਕਾਜੀ ਸਥਾਨਾਂ 'ਤੇ ਯੌਨ ਸ਼ੋਸ਼ਣ ਤੋਂ ਸੁਰੱਖਿਆ ਲਈ ਬਣੇ ਕਾਨੂੰਨ ਦਾ ਲਾਹਾ ਲੈਣ। ਹਰ ਦਫ਼ਤਰ ਵਿੱਚ ਅੰਦਰੂਨੀ ਸ਼ਿਕਾਇਤ ਕਮੇਟੀ ਦਾ ਗਠਨ ਲਾਜ਼ਮੀ ਹੈ। ਉਹਨਾਂ ਦੱਸਿਆ ਕਿ ਮੁਫ਼ਤ ਕਾਨੂੰਨੀ ਸਹਾਇਤਾ ਲਈ ਹੈਲਪਲਾਈਨ ਨੰਬਰ 15100 'ਤੇ ਸੰਪਰਕ ਕੀਤਾ ਜਾ ਸਕਦਾ ਹੈ।
